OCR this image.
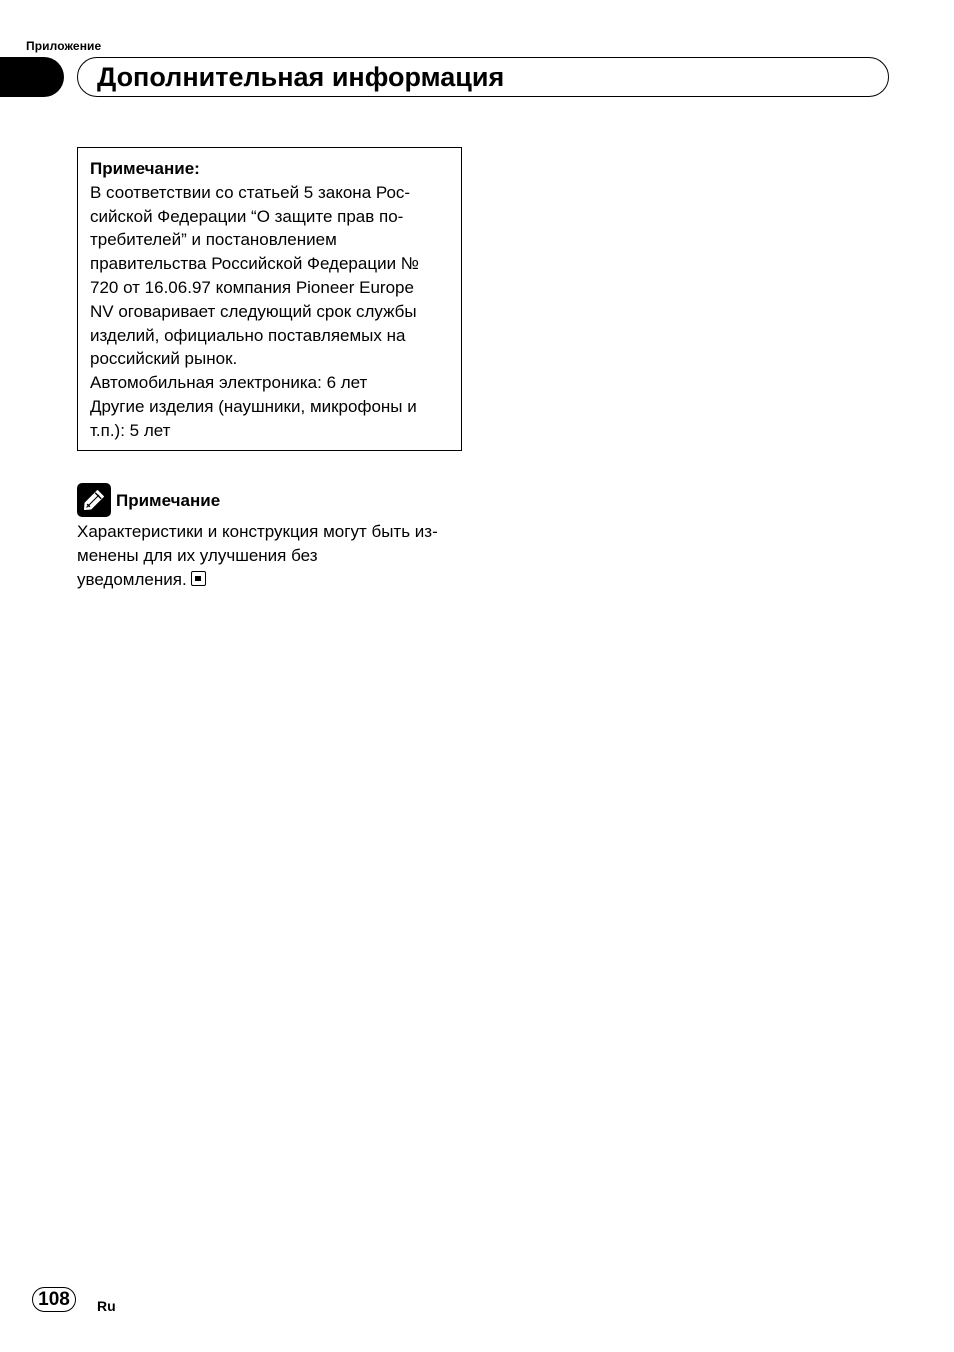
Приложение
Дополнительная информация
Примечание:
В соответствии со статьей 5 закона Рос-
сийской Федерации “О защите прав по-
требителей” и постановлением
правительства Российской Федерации №
720 от 16.06.97 компания Pioneer Europe
NV оговаривает следующий срок службы
изделий, официально поставляемых на
российский рынок.
Автомобильная электроника: 6 лет
Другие изделия (наушники, микрофоны и
т.п.): 5 лет
Примечание
Характеристики и конструкция могут быть из-
менены для их улучшения без
уведомления.
108	Ru
